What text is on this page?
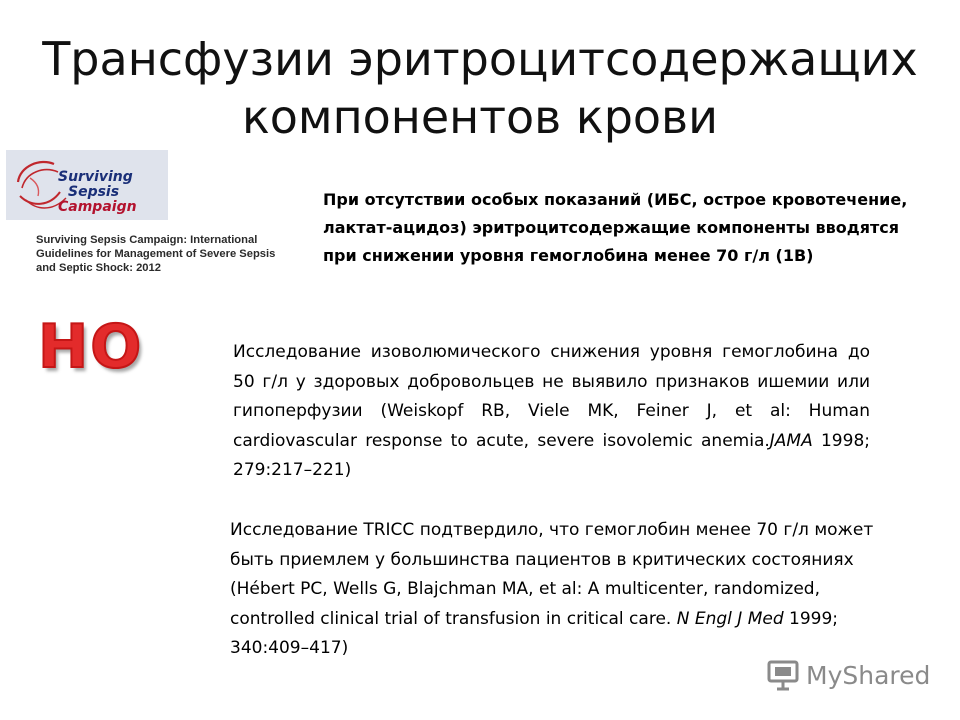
Трансфузии эритроцитсодержащих
компонентов крови
Surviving
Sepsis
Campaign
Surviving Sepsis Campaign: International Guidelines for Management of Severe Sepsis and Septic Shock: 2012
НО
При отсутствии особых показаний (ИБС, острое кровотечение, лактат-ацидоз) эритроцитсодержащие компоненты вводятся при снижении уровня гемоглобина менее 70 г/л (1В)
Исследование изоволюмического снижения уровня гемоглобина до 50 г/л у здоровых добровольцев не выявило признаков ишемии или гипоперфузии (Weiskopf RB, Viele MK, Feiner J, et al: Human cardiovascular response to acute, severe isovolemic anemia.JAMA 1998; 279:217–221)
Исследование TRICC подтвердило, что гемоглобин менее 70 г/л может быть приемлем у большинства пациентов в критических состояниях (Hébert PC, Wells G, Blajchman MA, et al: A multicenter, randomized, controlled clinical trial of transfusion in critical care. N Engl J Med 1999; 340:409–417)
MyShared
